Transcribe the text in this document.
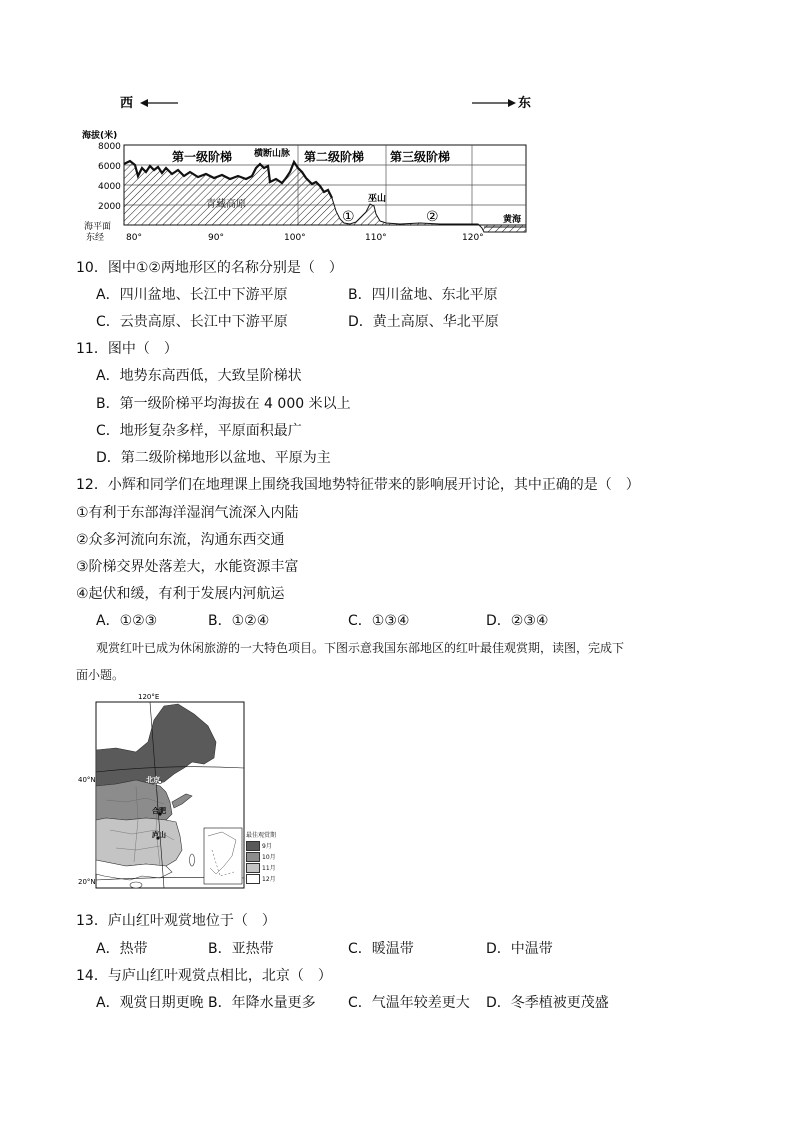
西	东
海拔(米)
8000
6000
4000
2000
海平面
第一级阶梯 横断山脉 第二级阶梯 第三级阶梯
青藏高原	巫山
黄海
①	②
东经 80°	90°	100°	110°	120°
10．图中①②两地形区的名称分别是（　）
A．四川盆地、长江中下游平原	B．四川盆地、东北平原
C．云贵高原、长江中下游平原	D．黄土高原、华北平原
11．图中（　）
A．地势东高西低，大致呈阶梯状
B．第一级阶梯平均海拔在 4 000 米以上
C．地形复杂多样，平原面积最广
D．第二级阶梯地形以盆地、平原为主
12．小辉和同学们在地理课上围绕我国地势特征带来的影响展开讨论，其中正确的是（　）
①有利于东部海洋湿润气流深入内陆
②众多河流向东流，沟通东西交通
③阶梯交界处落差大，水能资源丰富
④起伏和缓，有利于发展内河航运
A．①②③	B．①②④	C．①③④	D．②③④
观赏红叶已成为休闲旅游的一大特色项目。下图示意我国东部地区的红叶最佳观赏期，读图，完成下
面小题。
120°E
40°N
20°N
北京
合肥
庐山	最佳观赏期
9月
10月
11月
12月
13．庐山红叶观赏地位于（　）
A．热带	B．亚热带	C．暖温带	D．中温带
14．与庐山红叶观赏点相比，北京（　）
A．观赏日期更晚 B．年降水量更多 C．气温年较差更大 D．冬季植被更茂盛
